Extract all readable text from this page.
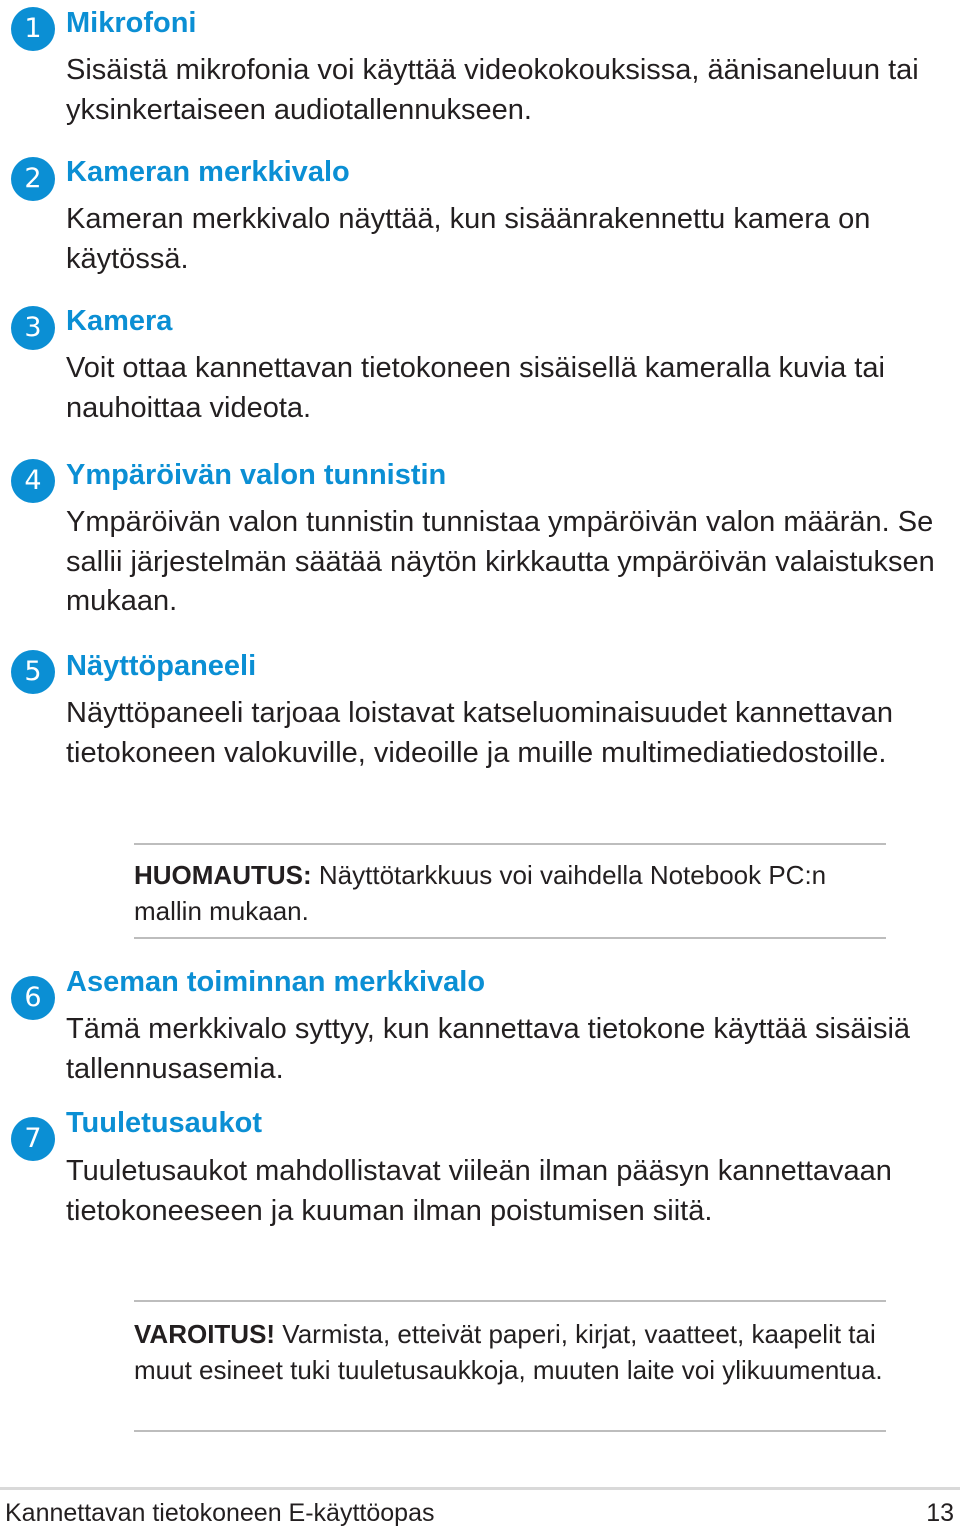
1 Mikrofoni

Sisäistä mikrofonia voi käyttää videokokouksissa, äänisaneluun tai yksinkertaiseen audiotallennukseen.

2 Kameran merkkivalo

Kameran merkkivalo näyttää, kun sisäänrakennettu kamera on käytössä.

3 Kamera

Voit ottaa kannettavan tietokoneen sisäisellä kameralla kuvia tai nauhoittaa videota.

4 Ympäröivän valon tunnistin

Ympäröivän valon tunnistin tunnistaa ympäröivän valon määrän. Se sallii järjestelmän säätää näytön kirkkautta ympäröivän valaistuksen mukaan.

5 Näyttöpaneeli

Näyttöpaneeli tarjoaa loistavat katseluominaisuudet kannettavan tietokoneen valokuville, videoille ja muille multimediatiedostoille.

HUOMAUTUS: Näyttötarkkuus voi vaihdella Notebook PC:n mallin mukaan.

6 Aseman toiminnan merkkivalo

Tämä merkkivalo syttyy, kun kannettava tietokone käyttää sisäisiä tallennusasemia.

7 Tuuletusaukot

Tuuletusaukot mahdollistavat viileän ilman pääsyn kannettavaan tietokoneeseen ja kuuman ilman poistumisen siitä.

VAROITUS! Varmista, etteivät paperi, kirjat, vaatteet, kaapelit tai muut esineet tuki tuuletusaukkoja, muuten laite voi ylikuumentua.

Kannettavan tietokoneen E-käyttöopas	13
